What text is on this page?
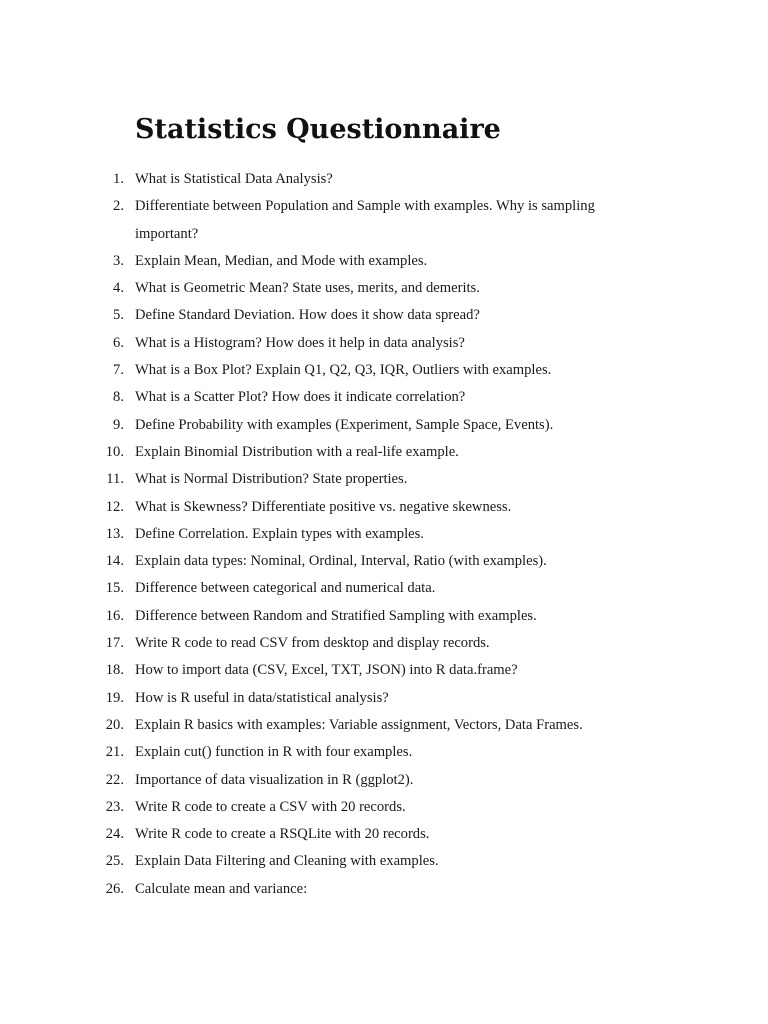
Statistics Questionnaire
1. What is Statistical Data Analysis?
2. Differentiate between Population and Sample with examples. Why is sampling important?
3. Explain Mean, Median, and Mode with examples.
4. What is Geometric Mean? State uses, merits, and demerits.
5. Define Standard Deviation. How does it show data spread?
6. What is a Histogram? How does it help in data analysis?
7. What is a Box Plot? Explain Q1, Q2, Q3, IQR, Outliers with examples.
8. What is a Scatter Plot? How does it indicate correlation?
9. Define Probability with examples (Experiment, Sample Space, Events).
10. Explain Binomial Distribution with a real-life example.
11. What is Normal Distribution? State properties.
12. What is Skewness? Differentiate positive vs. negative skewness.
13. Define Correlation. Explain types with examples.
14. Explain data types: Nominal, Ordinal, Interval, Ratio (with examples).
15. Difference between categorical and numerical data.
16. Difference between Random and Stratified Sampling with examples.
17. Write R code to read CSV from desktop and display records.
18. How to import data (CSV, Excel, TXT, JSON) into R data.frame?
19. How is R useful in data/statistical analysis?
20. Explain R basics with examples: Variable assignment, Vectors, Data Frames.
21. Explain cut() function in R with four examples.
22. Importance of data visualization in R (ggplot2).
23. Write R code to create a CSV with 20 records.
24. Write R code to create a RSQLite with 20 records.
25. Explain Data Filtering and Cleaning with examples.
26. Calculate mean and variance:
